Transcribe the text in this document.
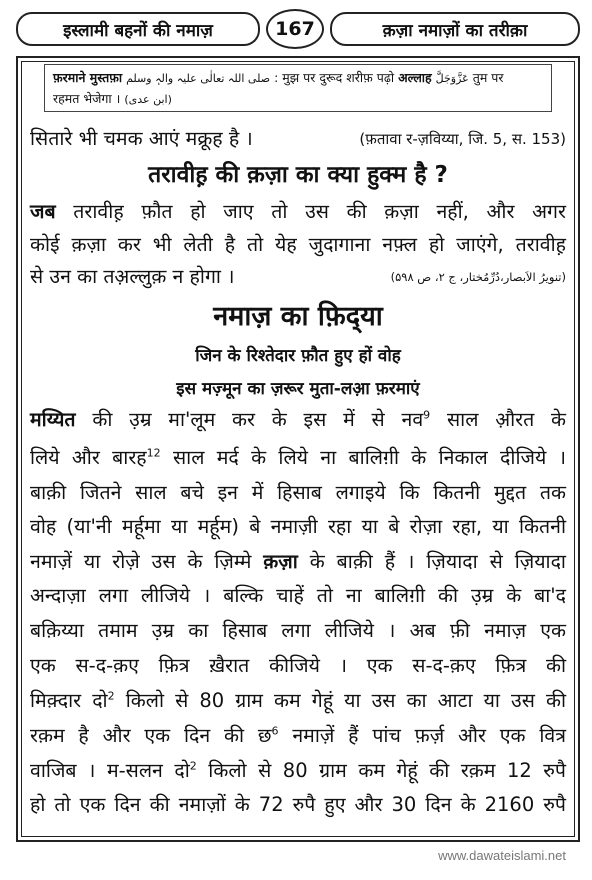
इस्लामी बहनों की नमाज़	167	क़ज़ा नमाज़ों का तरीक़ा
फ़रमाने मुस्तफ़ा صلی اللہ تعالٰی علیہ والہٖ وسلم : मुझ पर दुरूद शरीफ़ पढ़ो अल्लाह عَزَّوَجَلَّ तुम पर
रहमत भेजेगा । (ابن عدی)
सितारे भी चमक आएं मक्रूह है ।	(फ़तावा र-ज़विय्या, जि. 5, स. 153)
तरावीह़ की क़ज़ा का क्या हुक्म है ?
जब तरावीह़ फ़ौत हो जाए तो उस की क़ज़ा नहीं, और अगर
कोई क़ज़ा कर भी लेती है तो येह जुदागाना नफ़्ल हो जाएंगे, तरावीह़
से उन का तअ़ल्लुक़ न होगा ।	(تنویرُ الاَبصار،دُرِّمُختار، ج ۲، ص ۵۹۸)
नमाज़ का फ़िद्‌या
जिन के रिश्तेदार फ़ौत हुए हों वोह
इस मज़्मून का ज़रूर मुता-लआ़ फ़रमाएं
मय्यित की उ़म्र मा'लूम कर के इस में से नव$^9$ साल औ़रत के
लिये और बारह$^{12}$ साल मर्द के लिये ना बालिग़ी के निकाल दीजिये ।
बाक़ी जितने साल बचे इन में हिसाब लगाइये कि कितनी मुद्दत तक
वोह (या'नी मर्हूमा या मर्हूम) बे नमाज़ी रहा या बे रोज़ा रहा, या कितनी
नमाज़ें या रोज़े उस के ज़िम्मे क़ज़ा के बाक़ी हैं । ज़ियादा से ज़ियादा
अन्दाज़ा लगा लीजिये । बल्कि चाहें तो ना बालिग़ी की उ़म्र के बा'द
बक़िय्या तमाम उ़म्र का हिसाब लगा लीजिये । अब फ़ी नमाज़ एक
एक स-द-क़ए फ़ित्र ख़ैरात कीजिये । एक स-द-क़ए फ़ित्र की
मिक़्दार दो$^2$ किलो से 80 ग्राम कम गेहूं या उस का आटा या उस की
रक़म है और एक दिन की छ$^6$ नमाज़ें हैं पांच फ़र्ज़ और एक वित्र
वाजिब । म-सलन दो$^2$ किलो से 80 ग्राम कम गेहूं की रक़म 12 रुपै
हो तो एक दिन की नमाज़ों के 72 रुपै हुए और 30 दिन के 2160 रुपै
www.dawateislami.net
